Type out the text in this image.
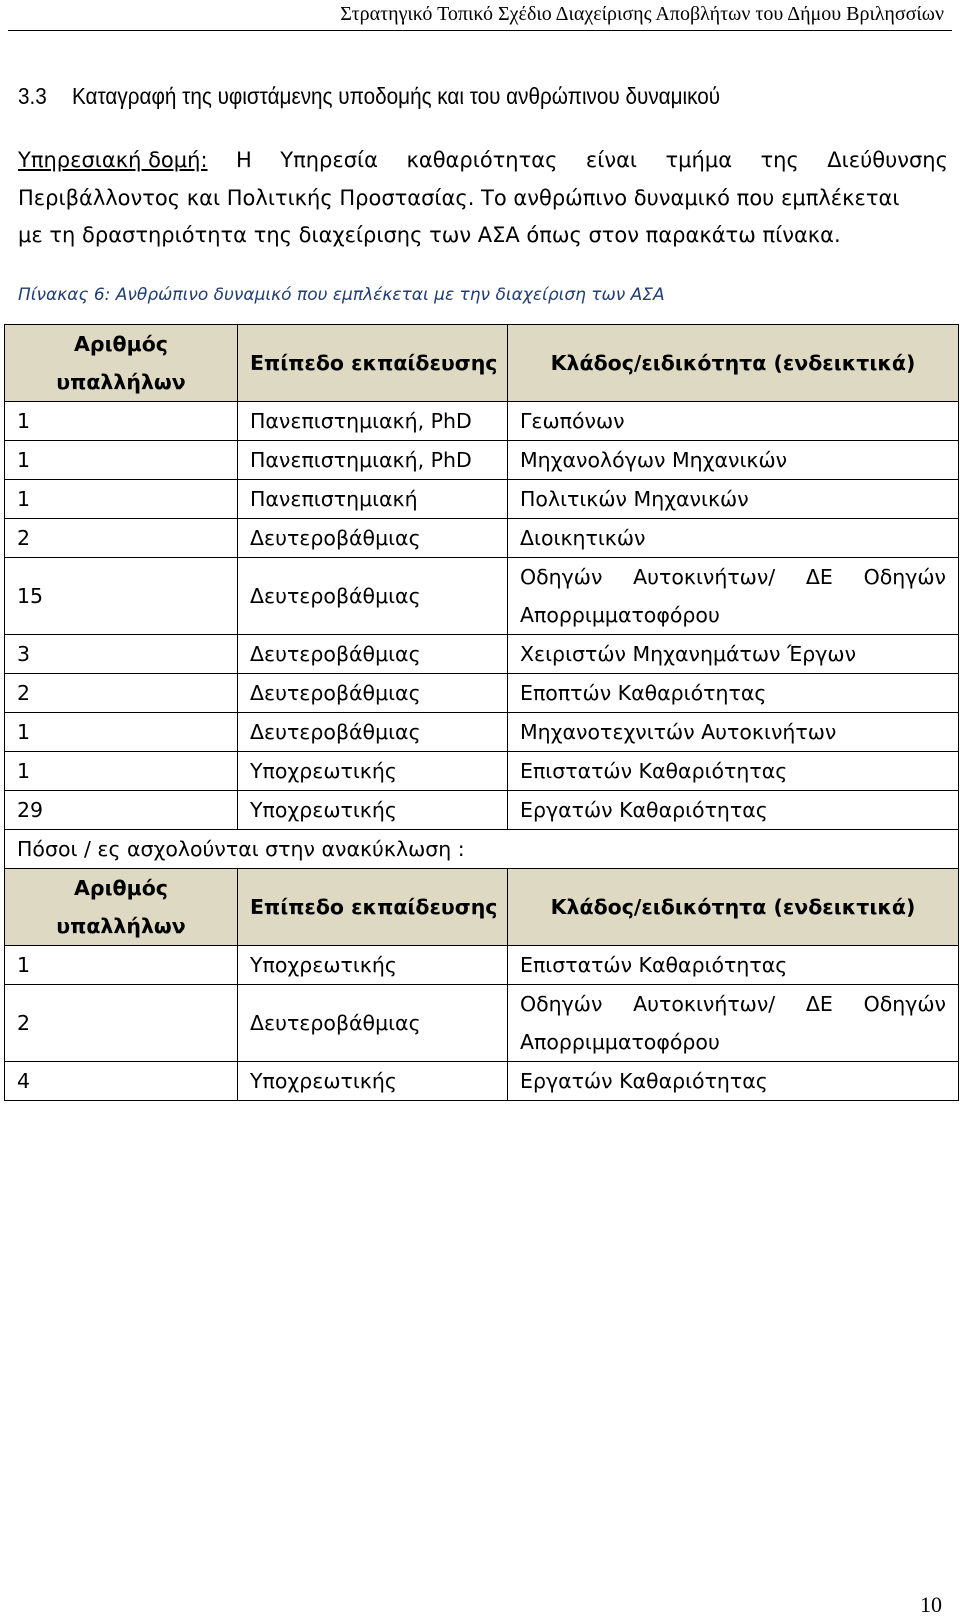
Στρατηγικό Τοπικό Σχέδιο Διαχείρισης Αποβλήτων του Δήμου Βριλησσίων
3.3 Καταγραφή της υφιστάμενης υποδομής και του ανθρώπινου δυναμικού

Υπηρεσιακή δομή: Η Υπηρεσία καθαριότητας είναι τμήμα της Διεύθυνσης
Περιβάλλοντος και Πολιτικής Προστασίας. Το ανθρώπινο δυναμικό που εμπλέκεται
με τη δραστηριότητα της διαχείρισης των ΑΣΑ όπως στον παρακάτω πίνακα.

Πίνακας 6: Ανθρώπινο δυναμικό που εμπλέκεται με την διαχείριση των ΑΣΑ
Αριθμός υπαλλήλων	Επίπεδο εκπαίδευσης	Κλάδος/ειδικότητα (ενδεικτικά)
1	Πανεπιστημιακή, PhD	Γεωπόνων
1	Πανεπιστημιακή, PhD	Μηχανολόγων Μηχανικών
1	Πανεπιστημιακή	Πολιτικών Μηχανικών
2	Δευτεροβάθμιας	Διοικητικών
15	Δευτεροβάθμιας	Οδηγών Αυτοκινήτων/ ΔΕ Οδηγών
Απορριμματοφόρου

3	Δευτεροβάθμιας	Χειριστών Μηχανημάτων Έργων
2	Δευτεροβάθμιας	Εποπτών Καθαριότητας
1	Δευτεροβάθμιας	Μηχανοτεχνιτών Αυτοκινήτων
1	Υποχρεωτικής	Επιστατών Καθαριότητας
29	Υποχρεωτικής	Εργατών Καθαριότητας
Πόσοι / ες ασχολούνται στην ανακύκλωση :		
Αριθμός υπαλλήλων	Επίπεδο εκπαίδευσης	Κλάδος/ειδικότητα (ενδεικτικά)
1	Υποχρεωτικής	Επιστατών Καθαριότητας
2	Δευτεροβάθμιας	Οδηγών Αυτοκινήτων/ ΔΕ Οδηγών
Απορριμματοφόρου

4	Υποχρεωτικής	Εργατών Καθαριότητας
10
